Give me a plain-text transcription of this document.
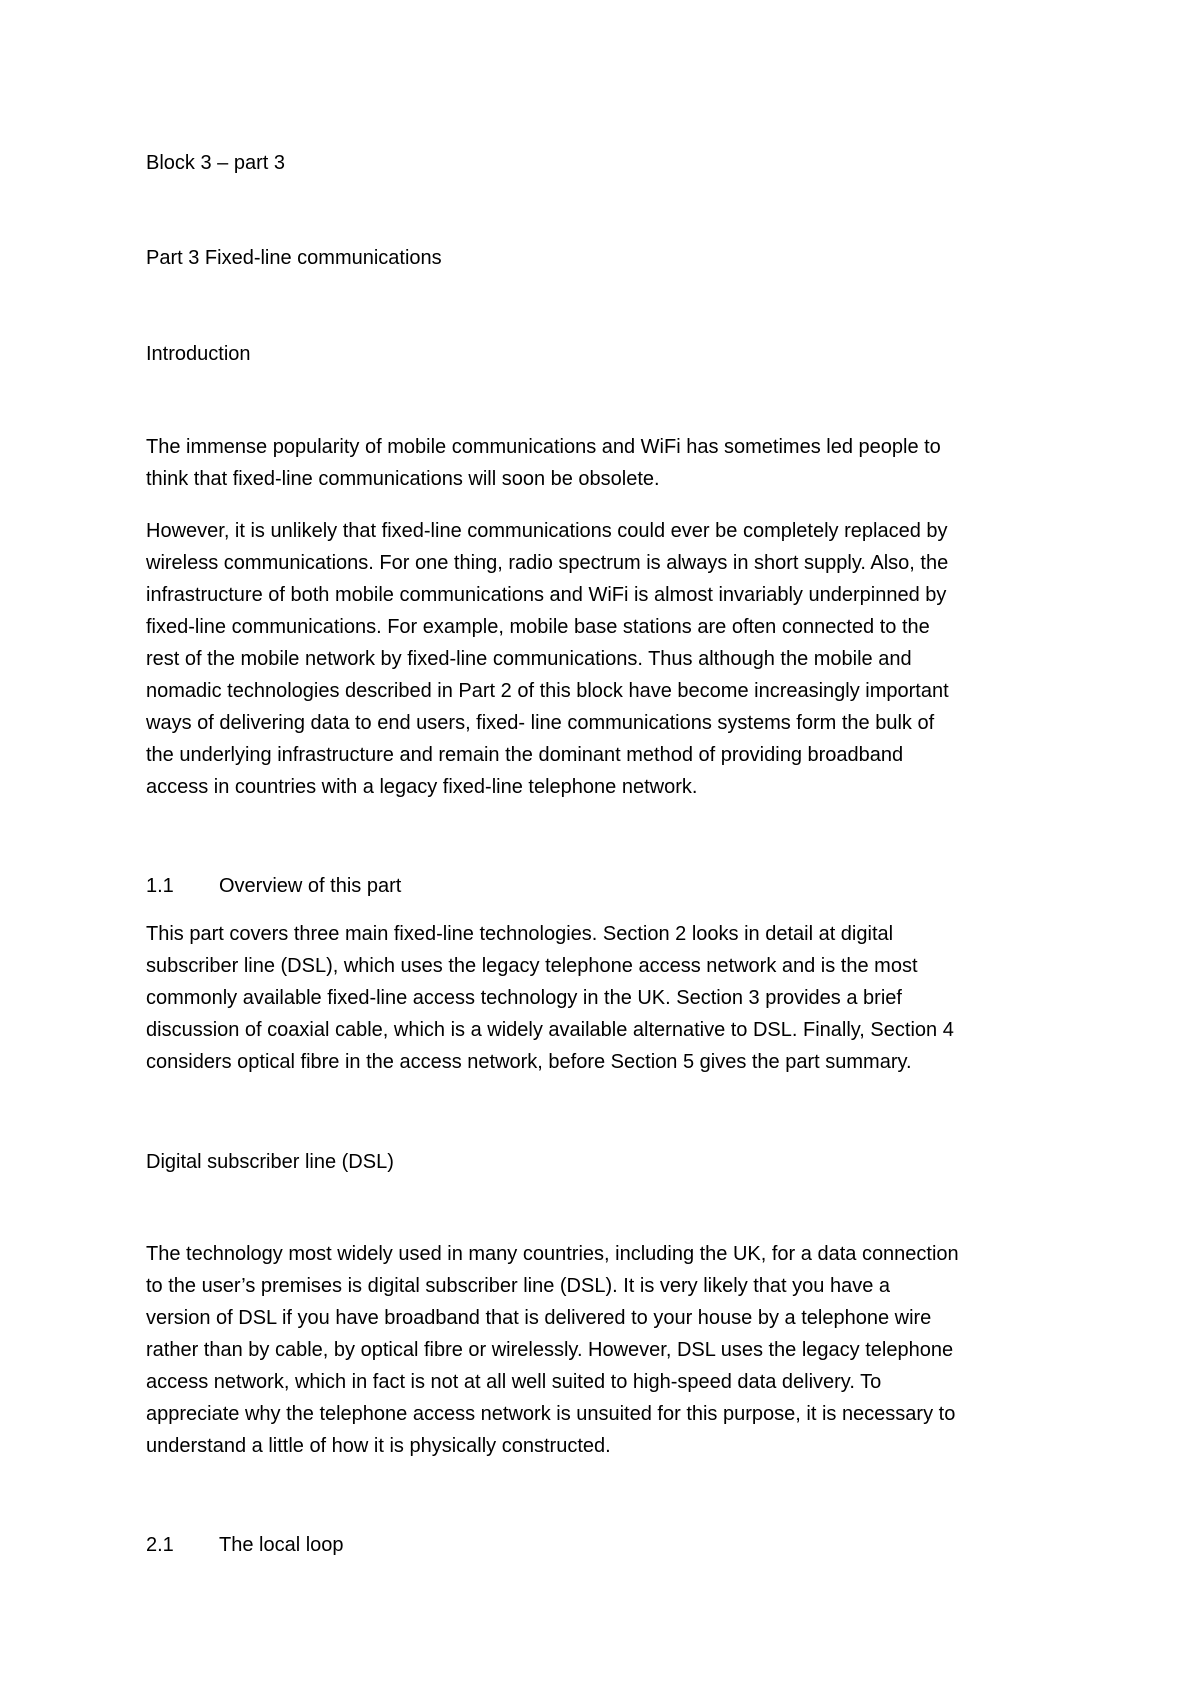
Block 3 – part 3
Part 3 Fixed-line communications
Introduction

The immense popularity of mobile communications and WiFi has sometimes led people to
think that fixed-line communications will soon be obsolete.

However, it is unlikely that fixed-line communications could ever be completely replaced by
wireless communications. For one thing, radio spectrum is always in short supply. Also, the
infrastructure of both mobile communications and WiFi is almost invariably underpinned by
fixed-line communications. For example, mobile base stations are often connected to the
rest of the mobile network by fixed-line communications. Thus although the mobile and
nomadic technologies described in Part 2 of this block have become increasingly important
ways of delivering data to end users, fixed- line communications systems form the bulk of
the underlying infrastructure and remain the dominant method of providing broadband
access in countries with a legacy fixed-line telephone network.

1.1 Overview of this part

This part covers three main fixed-line technologies. Section 2 looks in detail at digital
subscriber line (DSL), which uses the legacy telephone access network and is the most
commonly available fixed-line access technology in the UK. Section 3 provides a brief
discussion of coaxial cable, which is a widely available alternative to DSL. Finally, Section 4
considers optical fibre in the access network, before Section 5 gives the part summary.

Digital subscriber line (DSL)

The technology most widely used in many countries, including the UK, for a data connection
to the user’s premises is digital subscriber line (DSL). It is very likely that you have a
version of DSL if you have broadband that is delivered to your house by a telephone wire
rather than by cable, by optical fibre or wirelessly. However, DSL uses the legacy telephone
access network, which in fact is not at all well suited to high-speed data delivery. To
appreciate why the telephone access network is unsuited for this purpose, it is necessary to
understand a little of how it is physically constructed.

2.1 The local loop
